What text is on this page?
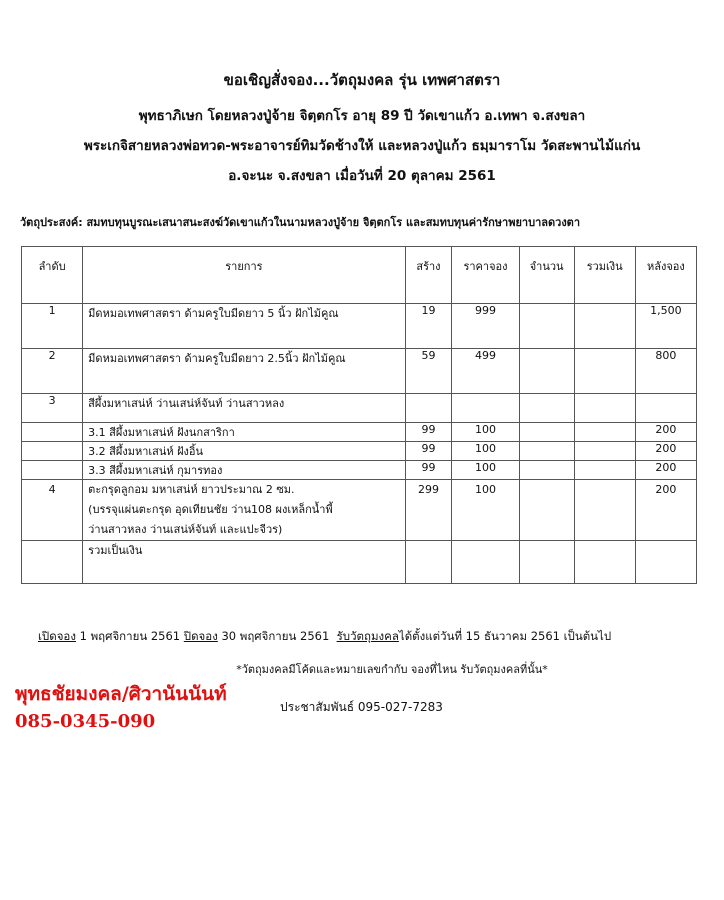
ขอเชิญสั่งจอง...วัตถุมงคล รุ่น เทพศาสตรา
พุทธาภิเษก โดยหลวงปู่จ้าย จิตฺตกโร อายุ 89 ปี วัดเขาแก้ว อ.เทพา จ.สงขลา
พระเกจิสายหลวงพ่อทวด-พระอาจารย์ทิมวัดช้างให้ และหลวงปู่แก้ว ธมฺมาราโม วัดสะพานไม้แก่น
อ.จะนะ จ.สงขลา เมื่อวันที่ 20 ตุลาคม 2561
วัตถุประสงค์: สมทบทุนบูรณะเสนาสนะสงฆ์วัดเขาแก้วในนามหลวงปู่จ้าย จิตฺตกโร และสมทบทุนค่ารักษาพยาบาลดวงตา
ลำดับ	รายการ	สร้าง	ราคาจอง	จำนวน	รวมเงิน	หลังจอง
1	มีดหมอเทพศาสตรา ด้ามครูใบมีดยาว 5 นิ้ว ฝักไม้คูณ	19	999			1,500
2	มีดหมอเทพศาสตรา ด้ามครูใบมีดยาว 2.5นิ้ว ฝักไม้คูณ	59	499			800
3	สีผึ้งมหาเสน่ห์ ว่านเสน่ห์จันท์ ว่านสาวหลง					
	3.1 สีผึ้งมหาเสน่ห์ ฝังนกสาริกา	99	100			200
	3.2 สีผึ้งมหาเสน่ห์ ฝังอิ้น	99	100			200
	3.3 สีผึ้งมหาเสน่ห์ กุมารทอง	99	100			200
4	ตะกรุดลูกอม มหาเสน่ห์ ยาวประมาณ 2 ซม.
(บรรจุแผ่นตะกรุด อุดเทียนชัย ว่าน108 ผงเหล็กน้ำพี้
ว่านสาวหลง ว่านเสน่ห์จันท์ และแปะจีวร)	299	100			200
	รวมเป็นเงิน					
เปิดจอง 1 พฤศจิกายน 2561 ปิดจอง 30 พฤศจิกายน 2561 รับวัตถุมงคลได้ตั้งแต่วันที่ 15 ธันวาคม 2561 เป็นต้นไป
*วัตถุมงคลมีโค้ดและหมายเลขกำกับ จองที่ไหน รับวัตถุมงคลที่นั้น*
พุทธชัยมงคล/ศิวานันนันท์
085-0345-090
ประชาสัมพันธ์ 095-027-7283
